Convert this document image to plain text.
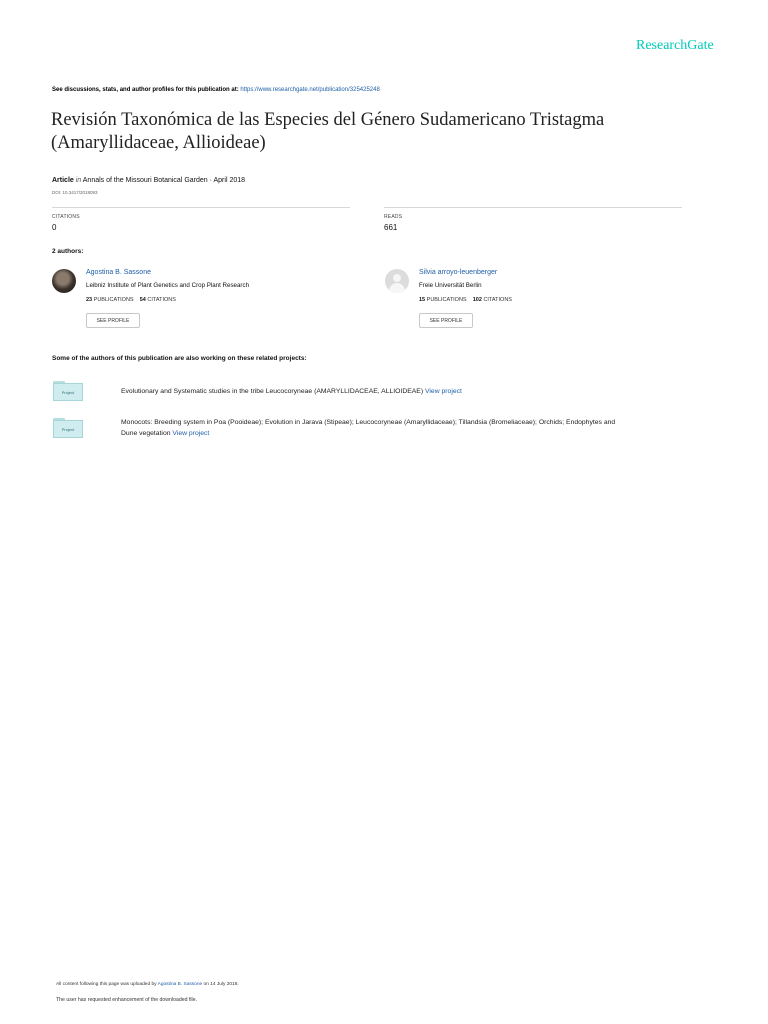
ResearchGate
See discussions, stats, and author profiles for this publication at: https://www.researchgate.net/publication/325425248
Revisión Taxonómica de las Especies del Género Sudamericano Tristagma (Amaryllidaceae, Allioideae)
Article in Annals of the Missouri Botanical Garden · April 2018
DOI: 10.3417/2018093
CITATIONS
0
READS
661
2 authors:
Agostina B. Sassone
Leibniz Institute of Plant Genetics and Crop Plant Research
23 PUBLICATIONS 54 CITATIONS
SEE PROFILE
Silvia arroyo-leuenberger
Freie Universität Berlin
15 PUBLICATIONS 102 CITATIONS
SEE PROFILE
Some of the authors of this publication are also working on these related projects:
Project	Evolutionary and Systematic studies in the tribe Leucocoryneae (AMARYLLIDACEAE, ALLIOIDEAE) View project
Project
Monocots: Breeding system in Poa (Pooideae); Evolution in Jarava (Stipeae); Leucocoryneae (Amaryllidaceae); Tillandsia (Bromeliaceae); Orchids; Endophytes and
Dune vegetation View project
All content following this page was uploaded by Agostina B. Sassone on 14 July 2018.
The user has requested enhancement of the downloaded file.
